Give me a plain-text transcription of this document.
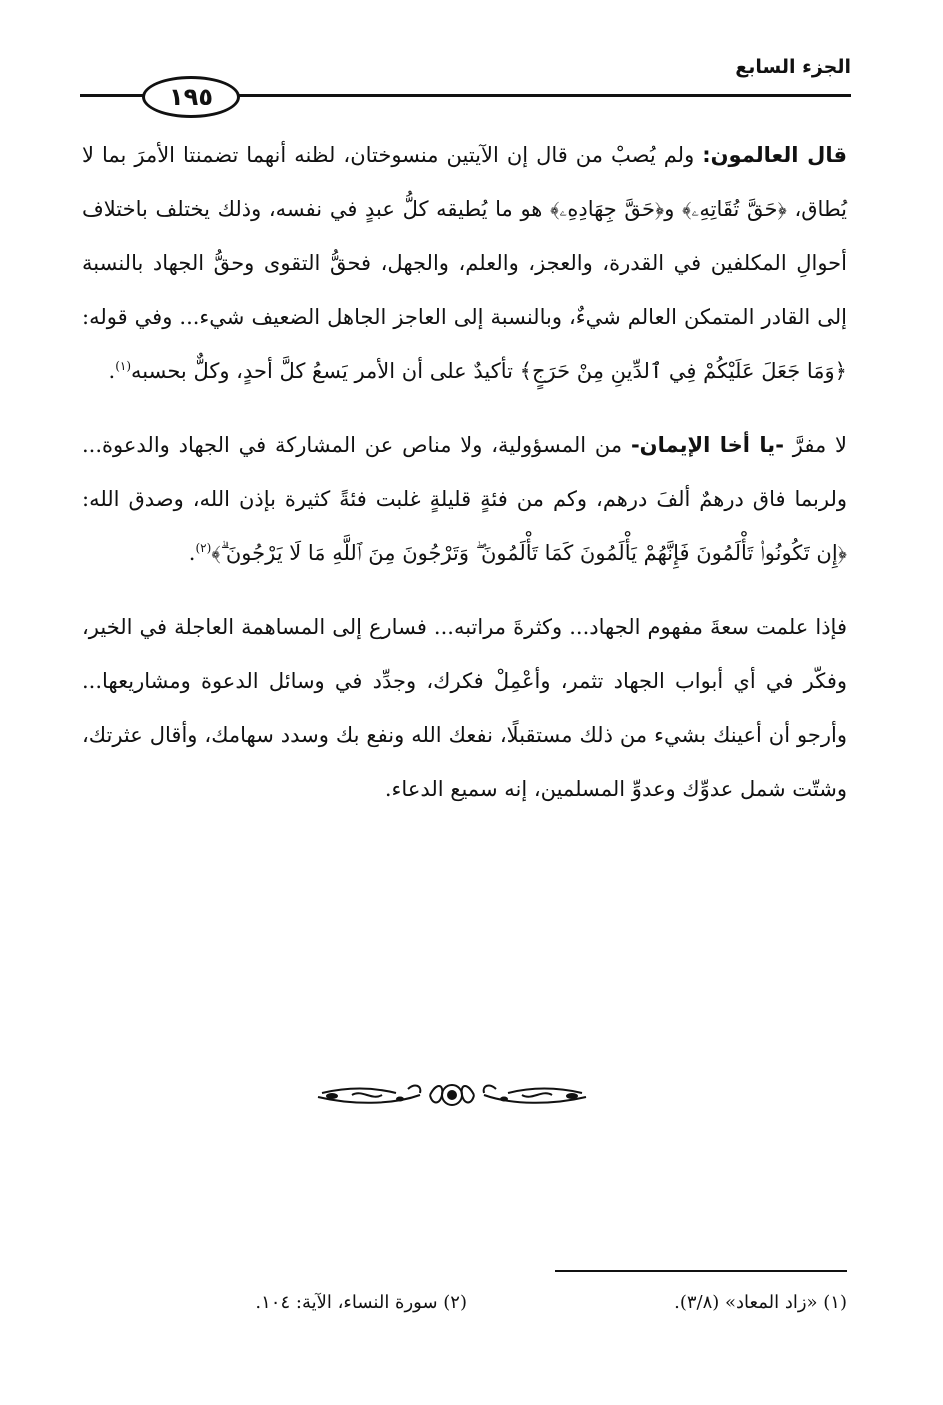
الجزء السابع
١٩٥

قال العالمون: ولم يُصبْ من قال إن الآيتين منسوختان، لظنه أنهما تضمنتا الأمرَ بما لا يُطاق، ﴿حَقَّ تُقَاتِهِۦ﴾ و﴿حَقَّ جِهَادِهِۦ﴾ هو ما يُطيقه كلُّ عبدٍ في نفسه، وذلك يختلف باختلاف أحوالِ المكلفين في القدرة، والعجز، والعلم، والجهل، فحقُّ التقوى وحقُّ الجهاد بالنسبة إلى القادر المتمكن العالم شيءٌ، وبالنسبة إلى العاجز الجاهل الضعيف شيء... وفي قوله: ﴿وَمَا جَعَلَ عَلَيْكُمْ فِي ٱلدِّينِ مِنْ حَرَجٍ﴾ تأكيدٌ على أن الأمر يَسعُ كلَّ أحدٍ، وكلٌّ بحسبه$^{(١)}$.

لا مفرَّ -يا أخا الإيمان- من المسؤولية، ولا مناص عن المشاركة في الجهاد والدعوة... ولربما فاق درهمٌ ألفَ درهم، وكم من فئةٍ قليلةٍ غلبت فئةً كثيرة بإذن الله، وصدق الله: ﴿إِن تَكُونُوا۟ تَأْلَمُونَ فَإِنَّهُمْ يَأْلَمُونَ كَمَا تَأْلَمُونَ ۖ وَتَرْجُونَ مِنَ ٱللَّهِ مَا لَا يَرْجُونَ ۗ﴾$^{(٢)}$.

فإذا علمت سعةَ مفهوم الجهاد... وكثرةَ مراتبه... فسارع إلى المساهمة العاجلة في الخير، وفكّر في أي أبواب الجهاد تثمر، وأعْمِلْ فكرك، وجدِّد في وسائل الدعوة ومشاريعها... وأرجو أن أعينك بشيء من ذلك مستقبلًا، نفعك الله ونفع بك وسدد سهامك، وأقال عثرتك، وشتّت شمل عدوِّك وعدوِّ المسلمين، إنه سميع الدعاء.

(١) «زاد المعاد» (٣/٨).
(٢) سورة النساء، الآية: ١٠٤.
